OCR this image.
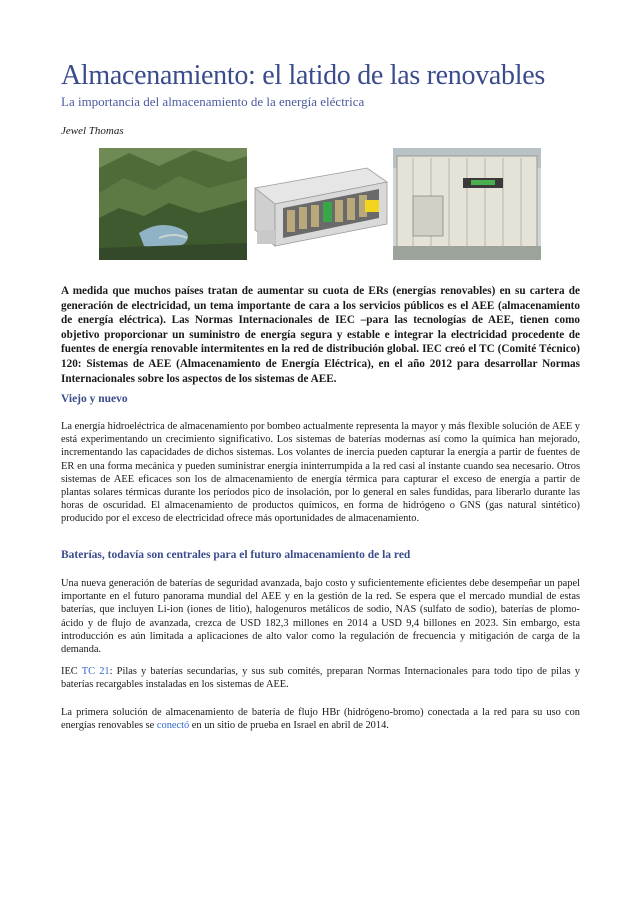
Almacenamiento: el latido de las renovables

La importancia del almacenamiento de la energía eléctrica

Jewel Thomas

A medida que muchos países tratan de aumentar su cuota de ERs (energías renovables) en su cartera de generación de electricidad, un tema importante de cara a los servicios públicos es el AEE (almacenamiento de energía eléctrica). Las Normas Internacionales de IEC –para las tecnologías de AEE, tienen como objetivo proporcionar un suministro de energía segura y estable e integrar la electricidad procedente de fuentes de energía renovable intermitentes en la red de distribución global. IEC creó el TC (Comité Técnico) 120: Sistemas de AEE (Almacenamiento de Energía Eléctrica), en el año 2012 para desarrollar Normas Internacionales sobre los aspectos de los sistemas de AEE.

Viejo y nuevo

La energía hidroeléctrica de almacenamiento por bombeo actualmente representa la mayor y más flexible solución de AEE y está experimentando un crecimiento significativo. Los sistemas de baterías modernas así como la química han mejorado, incrementando las capacidades de dichos sistemas. Los volantes de inercia pueden capturar la energía a partir de fuentes de ER en una forma mecánica y pueden suministrar energía ininterrumpida a la red casi al instante cuando sea necesario. Otros sistemas de AEE eficaces son los de almacenamiento de energía térmica para capturar el exceso de energía a partir de plantas solares térmicas durante los períodos pico de insolación, por lo general en sales fundidas, para liberarlo durante las horas de oscuridad. El almacenamiento de productos químicos, en forma de hidrógeno o GNS (gas natural sintético) producido por el exceso de electricidad ofrece más oportunidades de almacenamiento.

Baterías, todavía son centrales para el futuro almacenamiento de la red

Una nueva generación de baterías de seguridad avanzada, bajo costo y suficientemente eficientes debe desempeñar un papel importante en el futuro panorama mundial del AEE y en la gestión de la red. Se espera que el mercado mundial de estas baterías, que incluyen Li-ion (iones de litio), halogenuros metálicos de sodio, NAS (sulfato de sodio), baterías de plomo-ácido y de flujo de avanzada, crezca de USD 182,3 millones en 2014 a USD 9,4 billones en 2023. Sin embargo, esta introducción es aún limitada a aplicaciones de alto valor como la regulación de frecuencia y mitigación de carga de la demanda.

IEC TC 21: Pilas y baterías secundarias, y sus sub comités, preparan Normas Internacionales para todo tipo de pilas y baterías recargables instaladas en los sistemas de AEE.

La primera solución de almacenamiento de batería de flujo HBr (hidrógeno-bromo) conectada a la red para su uso con energías renovables se conectó en un sitio de prueba en Israel en abril de 2014.
